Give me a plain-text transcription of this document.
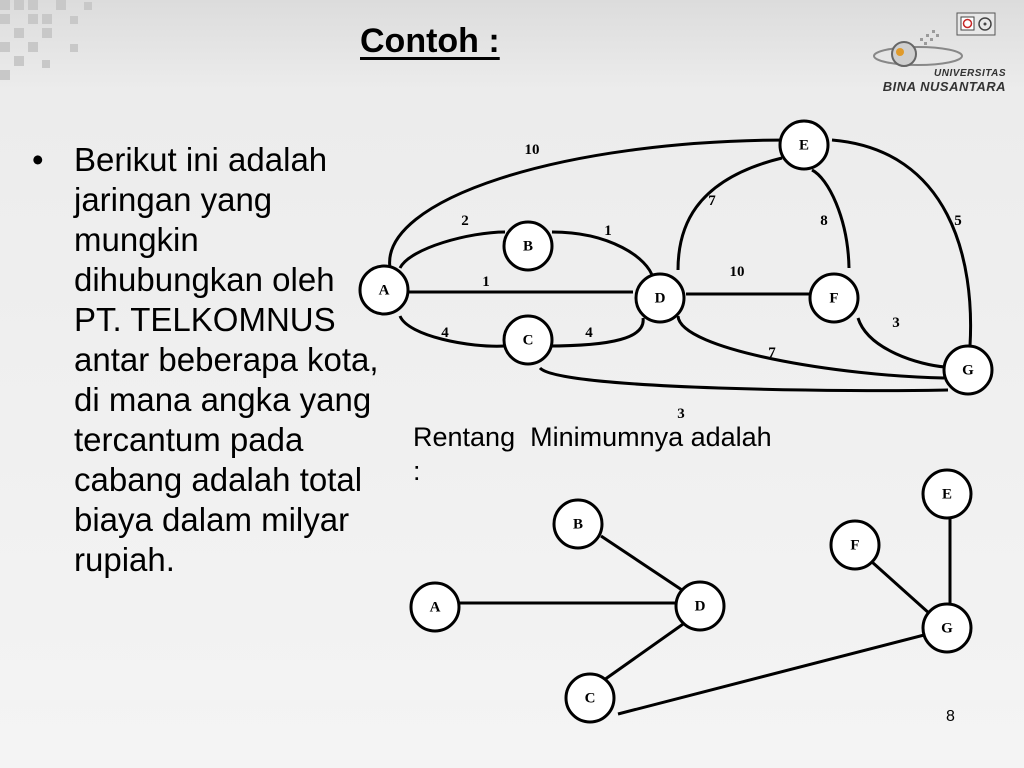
Contoh :
UNIVERSITAS
BINA NUSANTARA
• Berikut ini adalah jaringan yang mungkin dihubungkan oleh PT. TELKOMNUS antar beberapa kota, di mana angka yang tercantum pada cabang adalah total biaya dalam milyar rupiah.

Rentang  Minimumnya adalah :

A
B
C
D
E
F
G
10
2
1
1
4	4
7
8	5
10
3
7
3
A
B
C
D
E
F
G
8
